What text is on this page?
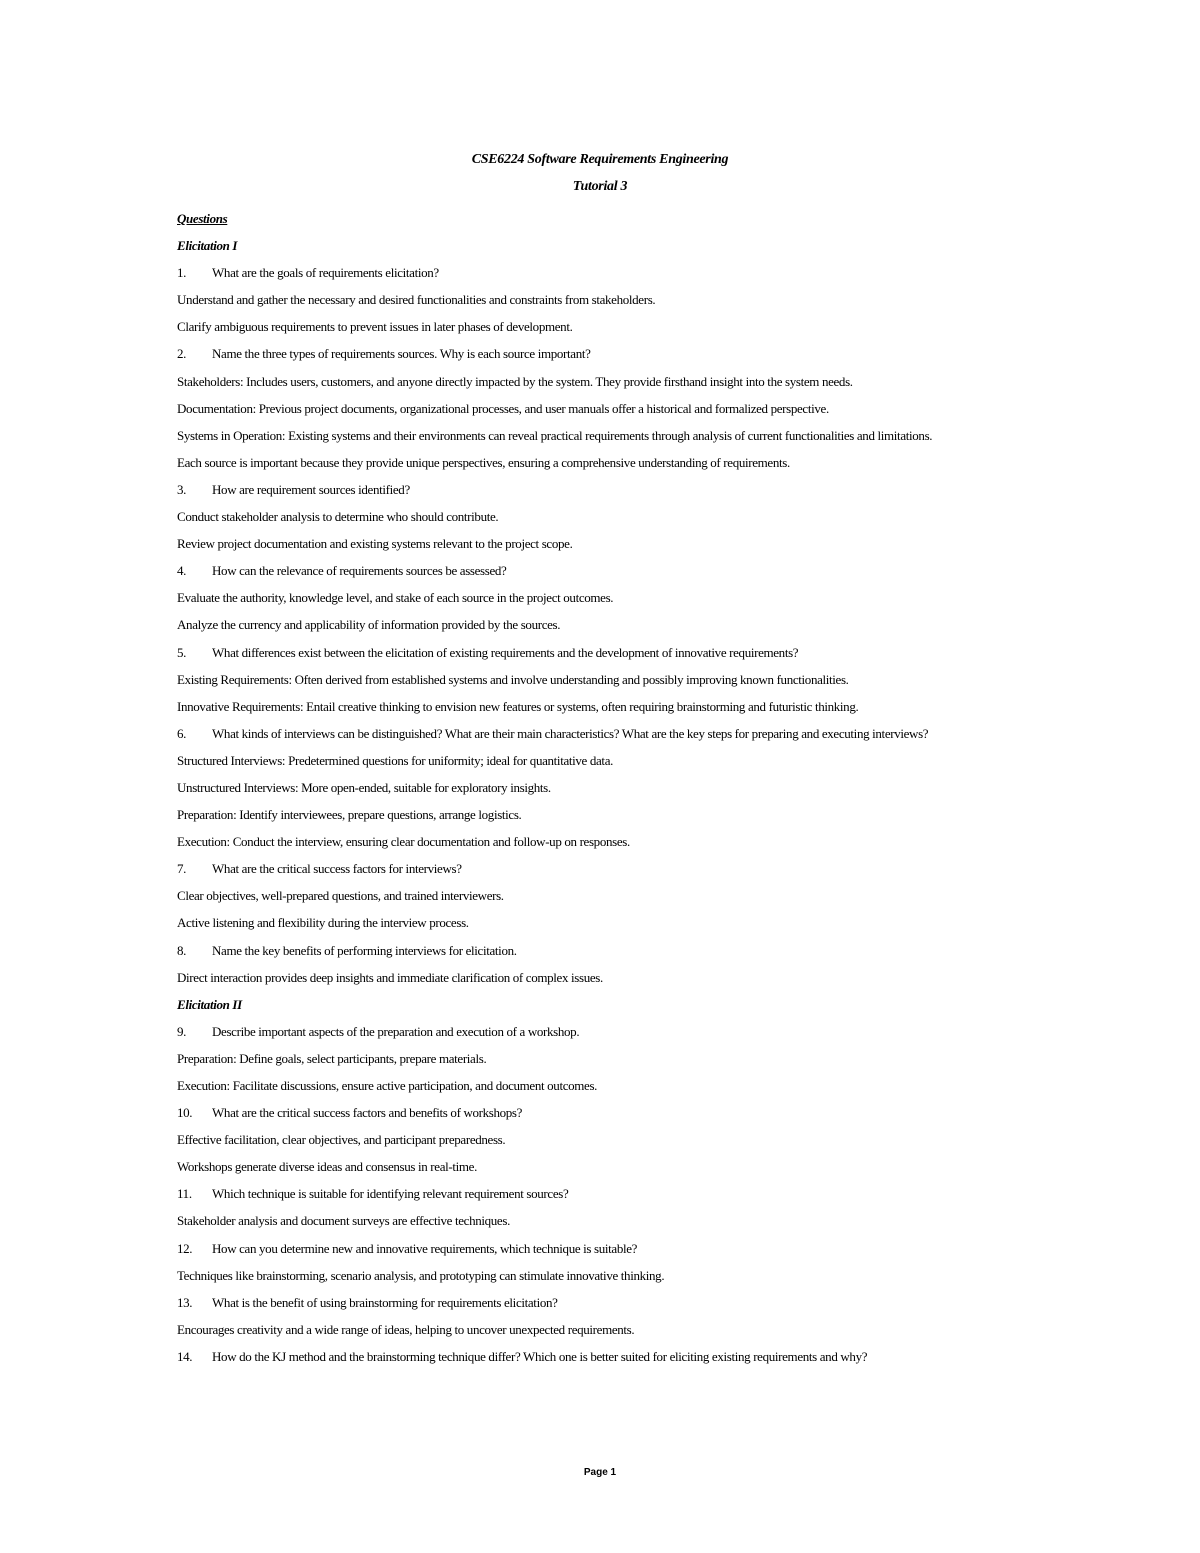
CSE6224 Software Requirements Engineering
Tutorial 3
Questions
Elicitation I
1. What are the goals of requirements elicitation?
Understand and gather the necessary and desired functionalities and constraints from stakeholders.
Clarify ambiguous requirements to prevent issues in later phases of development.
2. Name the three types of requirements sources. Why is each source important?
Stakeholders: Includes users, customers, and anyone directly impacted by the system. They provide firsthand insight into the system needs.
Documentation: Previous project documents, organizational processes, and user manuals offer a historical and formalized perspective.
Systems in Operation: Existing systems and their environments can reveal practical requirements through analysis of current functionalities and limitations.
Each source is important because they provide unique perspectives, ensuring a comprehensive understanding of requirements.
3. How are requirement sources identified?
Conduct stakeholder analysis to determine who should contribute.
Review project documentation and existing systems relevant to the project scope.
4. How can the relevance of requirements sources be assessed?
Evaluate the authority, knowledge level, and stake of each source in the project outcomes.
Analyze the currency and applicability of information provided by the sources.
5. What differences exist between the elicitation of existing requirements and the development of innovative requirements?
Existing Requirements: Often derived from established systems and involve understanding and possibly improving known functionalities.
Innovative Requirements: Entail creative thinking to envision new features or systems, often requiring brainstorming and futuristic thinking.
6. What kinds of interviews can be distinguished? What are their main characteristics? What are the key steps for preparing and executing interviews?
Structured Interviews: Predetermined questions for uniformity; ideal for quantitative data.
Unstructured Interviews: More open-ended, suitable for exploratory insights.
Preparation: Identify interviewees, prepare questions, arrange logistics.
Execution: Conduct the interview, ensuring clear documentation and follow-up on responses.
7. What are the critical success factors for interviews?
Clear objectives, well-prepared questions, and trained interviewers.
Active listening and flexibility during the interview process.
8. Name the key benefits of performing interviews for elicitation.
Direct interaction provides deep insights and immediate clarification of complex issues.
Elicitation II
9. Describe important aspects of the preparation and execution of a workshop.
Preparation: Define goals, select participants, prepare materials.
Execution: Facilitate discussions, ensure active participation, and document outcomes.
10. What are the critical success factors and benefits of workshops?
Effective facilitation, clear objectives, and participant preparedness.
Workshops generate diverse ideas and consensus in real-time.
11. Which technique is suitable for identifying relevant requirement sources?
Stakeholder analysis and document surveys are effective techniques.
12. How can you determine new and innovative requirements, which technique is suitable?
Techniques like brainstorming, scenario analysis, and prototyping can stimulate innovative thinking.
13. What is the benefit of using brainstorming for requirements elicitation?
Encourages creativity and a wide range of ideas, helping to uncover unexpected requirements.
14. How do the KJ method and the brainstorming technique differ? Which one is better suited for eliciting existing requirements and why?
Page 1
